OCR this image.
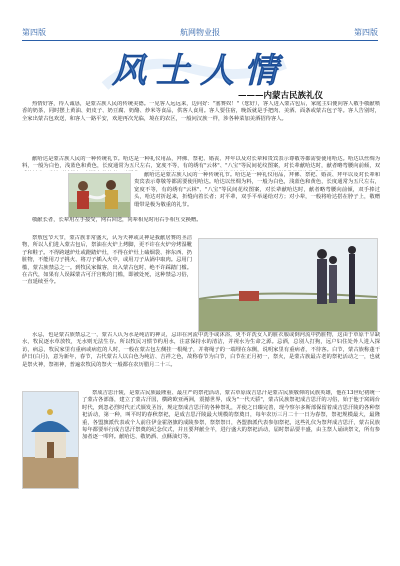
第四版	航网物业报	第四版
风土人情
———内蒙古民族礼仪

热情好客，待人诚恳，是蒙古族人民的传统美德。一见客人远远来，边问好："塞赛奴！"（您好），客人进入蒙古包后，家庭主妇便向客人敬手敬献喷香的奶茶，同时摆上黄油、奶皮子、奶豆腐、奶酪、炒米等食品，供客人食用。客人要住宿，晚饭就是手把肉、美酒、面条或蒙古包子等。客人告别时，全家出蒙古包欢送，和客人一路平安，欢迎再次光临，境在的农区，一般问汉族一样，涉各种菜加美酒招待客人。

献哈达是蒙古族人民的一种传统礼节。哈达是一种礼仪用品，拜佛、祭祀、婚丧、拜年以及对长辈和贵宾表示尊敬等都需要使用哈达。哈达以丝绸为料，一般为白色，浅蓝色和黄色，长度通常为五尺左右，宽度不等，有的绣有"云林"、"八宝"等民间花纹图案，对长辈献哈达时，献者略弯腰向前倾，双

献哈达是蒙古族人民的一种传统礼节。哈达是一种礼仪用品，拜佛、祭祀、婚丧、拜年以及对长辈和贵宾表示尊敬等都需要使用哈达。哈达以丝绸为料，一般为白色，浅蓝色和黄色，长度通常为五尺左右，宽度不等，有的绣有"云林"、"八宝"等民间花纹图案，对长辈献哈达时，献者略弯腰向前倾，双手捧过头，哈达对折起来，折缝向着长者；对平辈，双手平举递给对方；对小辈，一般将哈达搭在脖子上，敬赠缎带是极为敬重的礼节。

敬献长者，长辈用左手接受，网右回送，同辈相见时用右手相互交换赠。

祭敖包节大节，蒙古族非常盛大，认为天神或灵神是我献居赛的圣洁物，所以人们进入蒙古包后，祭油在火炉上烤脚，更不许在火炉旁烤湿靴子和鞋子。不得跨越炉灶或蹬踏炉灶，不得在炉灶上磕烟袋、摔东西、扔脏物，不能用刀子挑火、将刀子插入火中，或用刀子从锅中取肉。忌用门槛，蒙古族禁忌之一。到牧民家做客，出入蒙古包时，绝不许踩踏门槛。在古代，如果有人误踩蒙古可汗宫帐的门槛，即被处死，这种禁忌习俗，一直延续至今。

水忌，也是蒙古族禁忌之一，蒙古人认为水是纯洁的神灵，忌讳在河流中洗手或沐浴，更不许洗女人的脏衣服或倒河流中扔脏物，这由于草原干旱缺水，牧民逐水草放牧，无水则无法生存。所以牧民习惯节约用水，注意保持水的清洁，并视水为生命之源。忌酒，总别人打狗，远户妇住处外人进入探访，病忌，牧民家里有重病或病危的人时，一般在蒙古包左侧挂一根绳子，并将绳子的一端埋在东侧，说明家里有重病者，不待客。白节，蒙古族称蓬干萨日(白月)，意为新年，春节，古代蒙古人以白色为纯洁、吉祥之色，故称春节为白节，白节在正月初一，祭火，是蒙古族最古老的祭祀活动之一，也就是祭火神，祭祖神，普遍农牧民的祭火一般都在农历腊月二十三。

祭成吉思汗陵，是蒙古民族最隆重、最庄严的祭祀活动，蒙古草原成吉思汗是蒙古民族敬仰的民族英雄，他在13世纪初统一了蒙古各部落，建立了蒙古汗国，横跨欧亚两洲，震撼世界，成为"一代天骄"，蒙古民族祭祀成吉思汗的习俗，始于他于窝阔台时代，到忽必烈时代正式颁发圣旨，规定祭成吉思汗的各种祭礼，并使之日臻完善，现今察尔多斯部保留着成吉思汗陵的各种祭祀活动，第一种，叫平时的春秋祭祀，是成吉思汗陵最大规模的祭奠日，每年农历三月二十一日为春祭，祭祀规模最大，最隆重，各盟旗派代表或个人前往伊金霍洛旗的成陵参祭，祭祭祭日，各盟旗派代表参加祭祀，这些礼仪为祭拜成吉思汗，蒙古民族每年都要举行成吉思汗祭奠的纪念仪式，并且要拜献全羊，进行盛大的祭祀活动，届时祭品要丰盛，由主祭人诵读祭文，所有参加者逐一叩拜。献哈达、敬奶酒、点酥油灯等。
